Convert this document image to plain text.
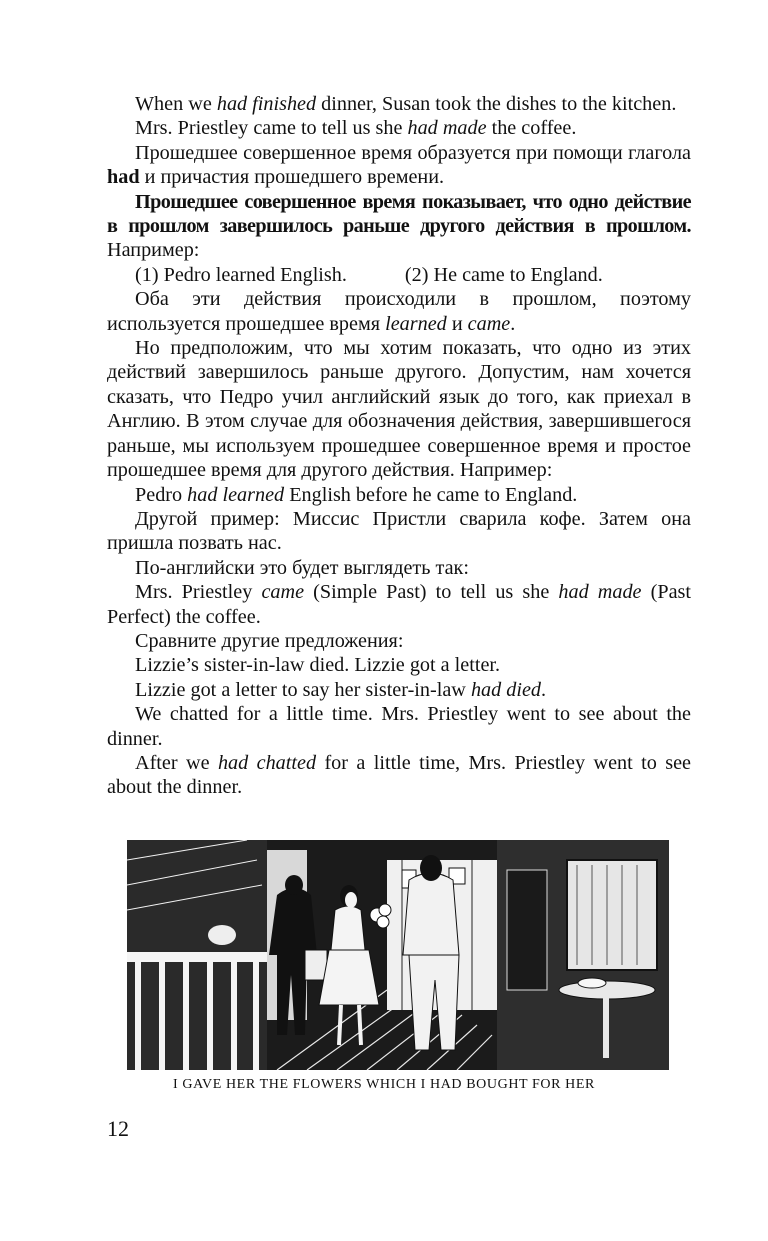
When we had finished dinner, Susan took the dishes to the kitchen.

Mrs. Priestley came to tell us she had made the coffee.

Прошедшее совершенное время образуется при помощи глагола had и причастия прошедшего времени.

Прошедшее совершенное время показывает, что одно действие в прошлом завершилось раньше другого действия в прошлом. Например:

(1) Pedro learned English.	(2) He came to England.

Оба эти действия происходили в прошлом, поэтому используется прошедшее время learned и came.

Но предположим, что мы хотим показать, что одно из этих действий завершилось раньше другого. Допустим, нам хочется сказать, что Педро учил английский язык до того, как приехал в Англию. В этом случае для обозначения действия, завершившегося раньше, мы используем прошедшее совершенное время и простое прошедшее время для другого действия. Например:

Pedro had learned English before he came to England.

Другой пример: Миссис Пристли сварила кофе. Затем она пришла позвать нас.

По-английски это будет выглядеть так:

Mrs. Priestley came (Simple Past) to tell us she had made (Past Perfect) the coffee.

Сравните другие предложения:

Lizzie’s sister-in-law died. Lizzie got a letter.

Lizzie got a letter to say her sister-in-law had died.

We chatted for a little time. Mrs. Priestley went to see about the dinner.

After we had chatted for a little time, Mrs. Priestley went to see about the dinner.

I GAVE HER THE FLOWERS WHICH I HAD BOUGHT FOR HER
12
